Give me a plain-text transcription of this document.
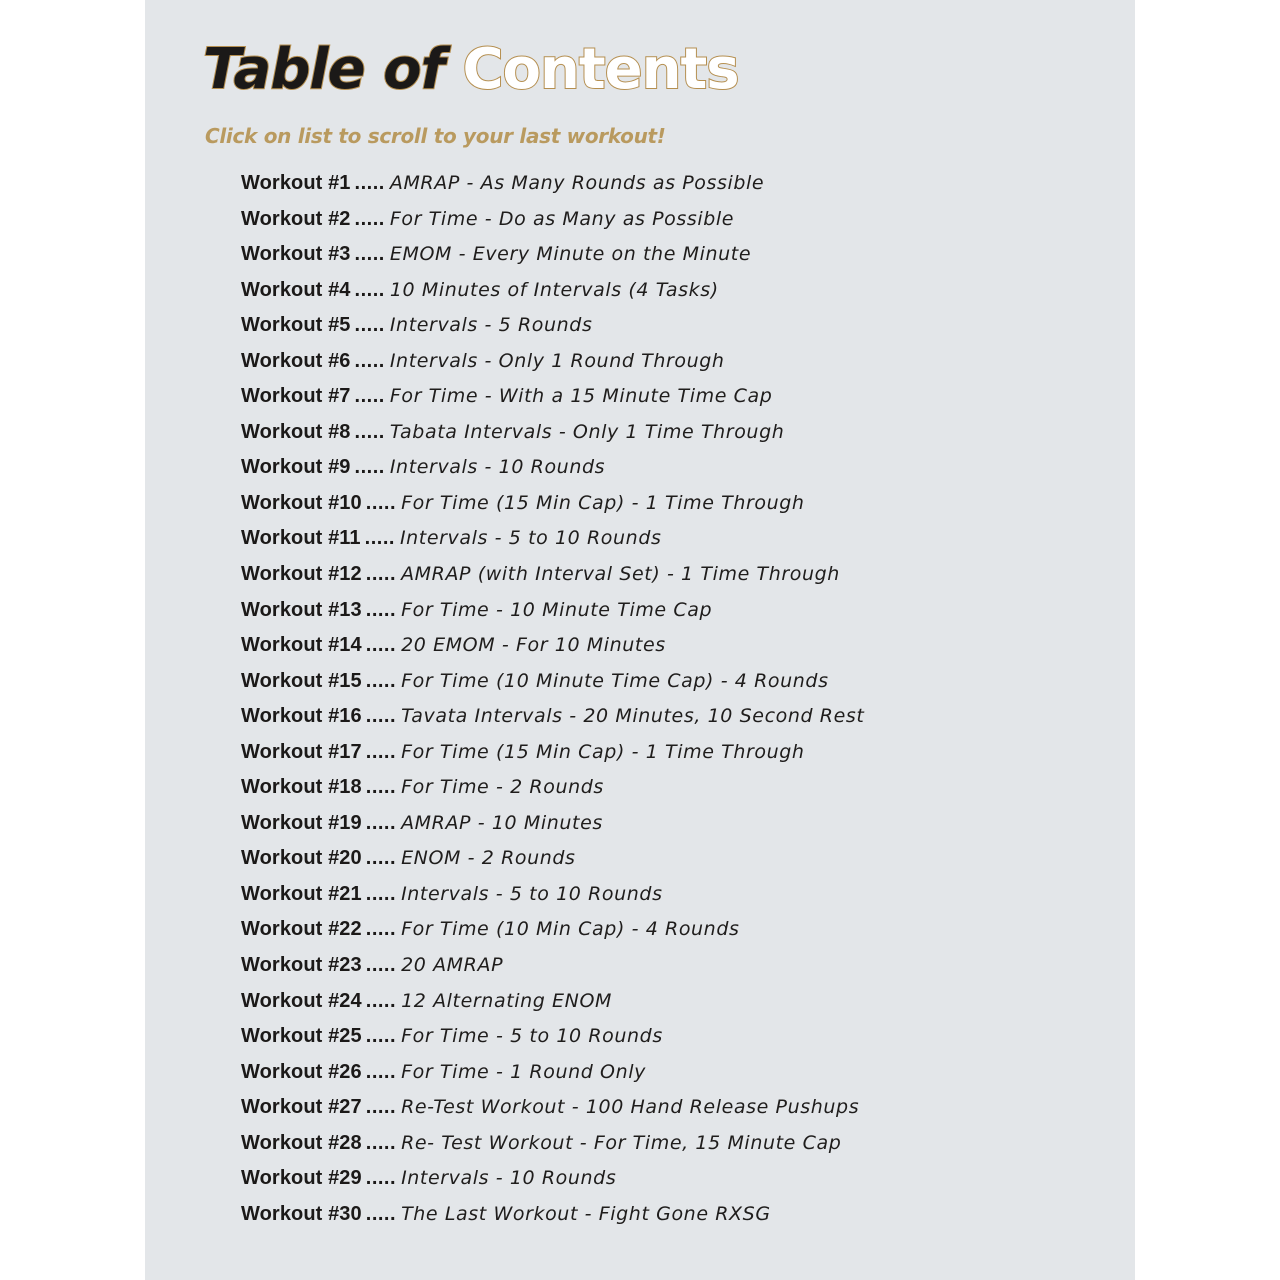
Table of Contents
Click on list to scroll to your last workout!
Workout #1 ..... AMRAP - As Many Rounds as Possible
Workout #2 ..... For Time - Do as Many as Possible
Workout #3 ..... EMOM - Every Minute on the Minute
Workout #4 ..... 10 Minutes of Intervals (4 Tasks)
Workout #5 ..... Intervals - 5 Rounds
Workout #6 ..... Intervals - Only 1 Round Through
Workout #7 ..... For Time - With a 15 Minute Time Cap
Workout #8 ..... Tabata Intervals - Only 1 Time Through
Workout #9 ..... Intervals - 10 Rounds
Workout #10 ..... For Time (15 Min Cap) - 1 Time Through
Workout #11 ..... Intervals - 5 to 10 Rounds
Workout #12 ..... AMRAP (with Interval Set) - 1 Time Through
Workout #13 ..... For Time - 10 Minute Time Cap
Workout #14 ..... 20 EMOM - For 10 Minutes
Workout #15 ..... For Time (10 Minute Time Cap) - 4 Rounds
Workout #16 ..... Tavata Intervals - 20 Minutes, 10 Second Rest
Workout #17 ..... For Time (15 Min Cap) - 1 Time Through
Workout #18 ..... For Time - 2 Rounds
Workout #19 ..... AMRAP - 10 Minutes
Workout #20 ..... ENOM - 2 Rounds
Workout #21 ..... Intervals - 5 to 10 Rounds
Workout #22 ..... For Time (10 Min Cap) - 4 Rounds
Workout #23 ..... 20 AMRAP
Workout #24 ..... 12 Alternating ENOM
Workout #25 ..... For Time - 5 to 10 Rounds
Workout #26 ..... For Time - 1 Round Only
Workout #27 ..... Re-Test Workout - 100 Hand Release Pushups
Workout #28 ..... Re- Test Workout - For Time, 15 Minute Cap
Workout #29 ..... Intervals - 10 Rounds
Workout #30 ..... The Last Workout - Fight Gone RXSG
